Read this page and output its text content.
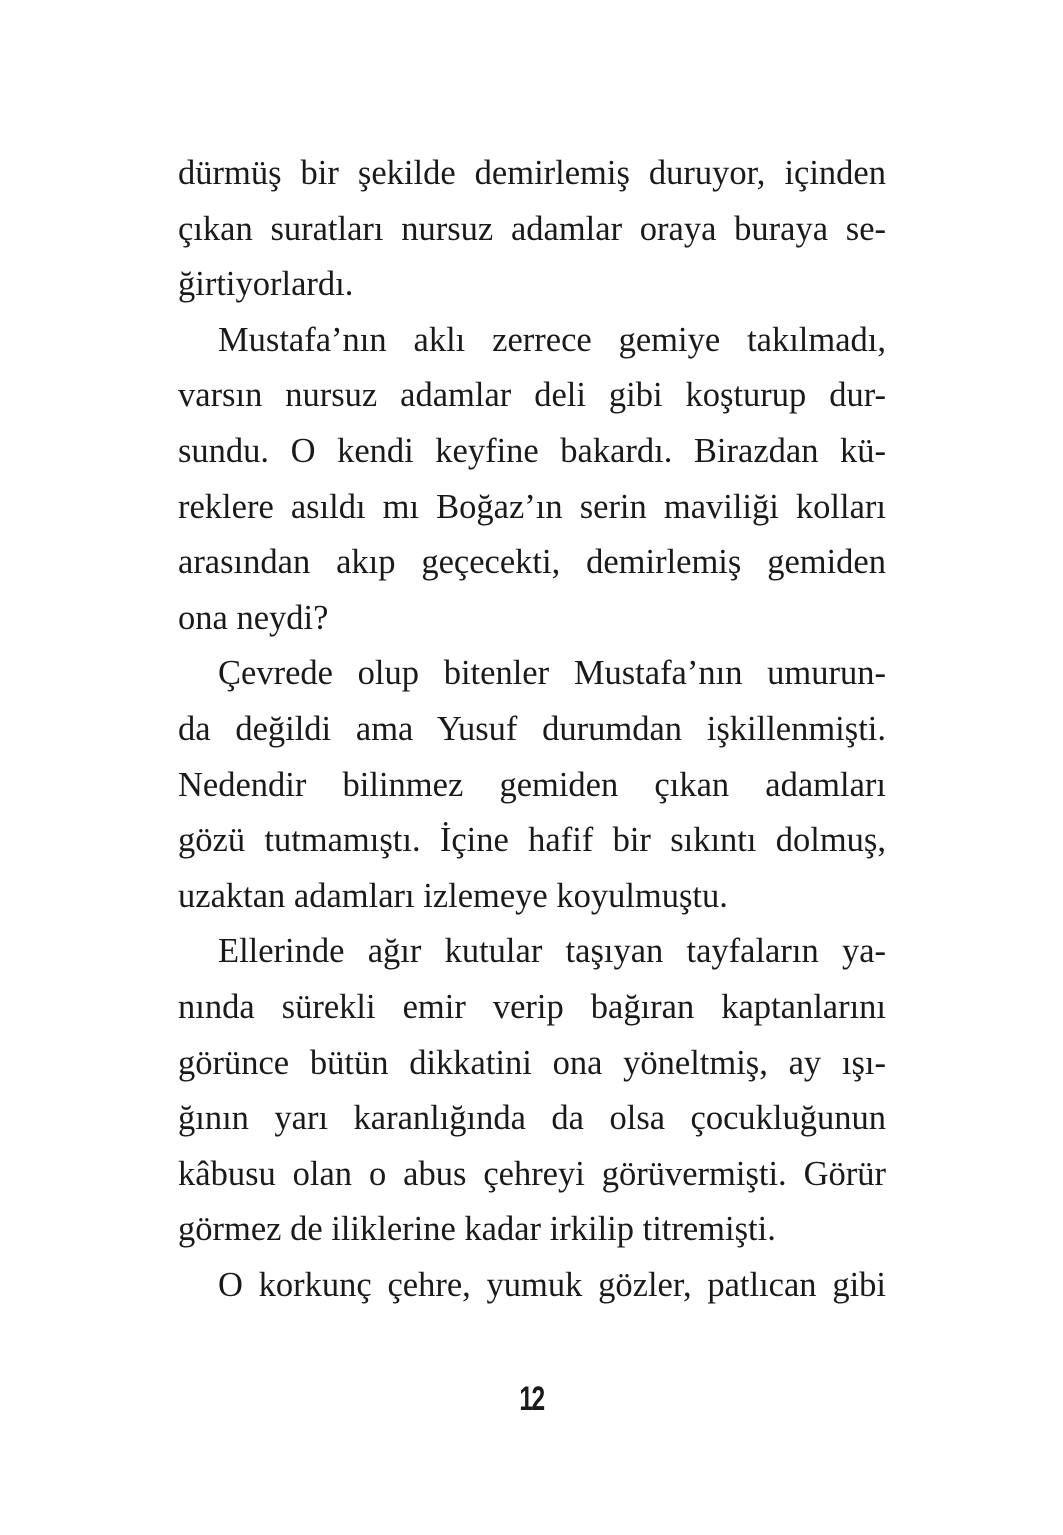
dürmüş bir şekilde demirlemiş duruyor, içinden
çıkan suratları nursuz adamlar oraya buraya se-
ğirtiyorlardı.
Mustafa’nın aklı zerrece gemiye takılmadı,
varsın nursuz adamlar deli gibi koşturup dur-
sundu. O kendi keyfine bakardı. Birazdan kü-
reklere asıldı mı Boğaz’ın serin maviliği kolları
arasından akıp geçecekti, demirlemiş gemiden
ona neydi?
Çevrede olup bitenler Mustafa’nın umurun-
da değildi ama Yusuf durumdan işkillenmişti.
Nedendir bilinmez gemiden çıkan adamları
gözü tutmamıştı. İçine hafif bir sıkıntı dolmuş,
uzaktan adamları izlemeye koyulmuştu.
Ellerinde ağır kutular taşıyan tayfaların ya-
nında sürekli emir verip bağıran kaptanlarını
görünce bütün dikkatini ona yöneltmiş, ay ışı-
ğının yarı karanlığında da olsa çocukluğunun
kâbusu olan o abus çehreyi görüvermişti. Görür
görmez de iliklerine kadar irkilip titremişti.
O korkunç çehre, yumuk gözler, patlıcan gibi
12
